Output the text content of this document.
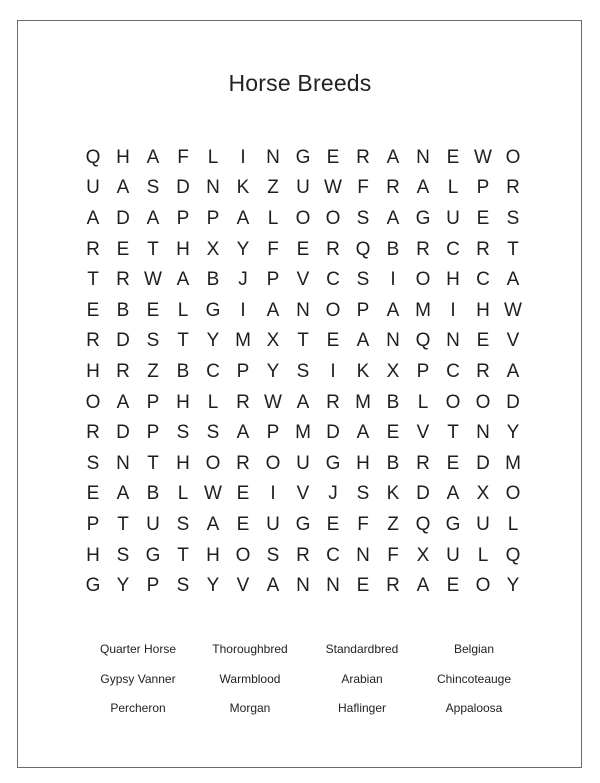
Horse Breeds
Q H A F L	I	N G E R A N E W O
U A S D N K Z U W F R A L P R
A D A P P A L O O S A G U E S
R E T H X Y F E R Q B R C R T
T R W A B J P V C S	I	O H C A
E B E L G	I	A N O P A M	I	H W
R D S T Y M X T E A N Q N E V
H R Z B C P Y S	I	K X P C R A
O A P H L R W A R M B L O O D
R D P S S A P M D A E V T N Y
S N T H O R O U G H B R E D M
E A B L W E	I	V J S K D A X O
P T U S A E U G E F Z Q G U L
H S G T H O S R C N F X U L Q
G Y P S Y V A N N E R A E O Y
Quarter Horse	Thoroughbred	Standardbred	Belgian
Gypsy Vanner	Warmblood	Arabian	Chincoteauge
Percheron	Morgan	Haflinger	Appaloosa
